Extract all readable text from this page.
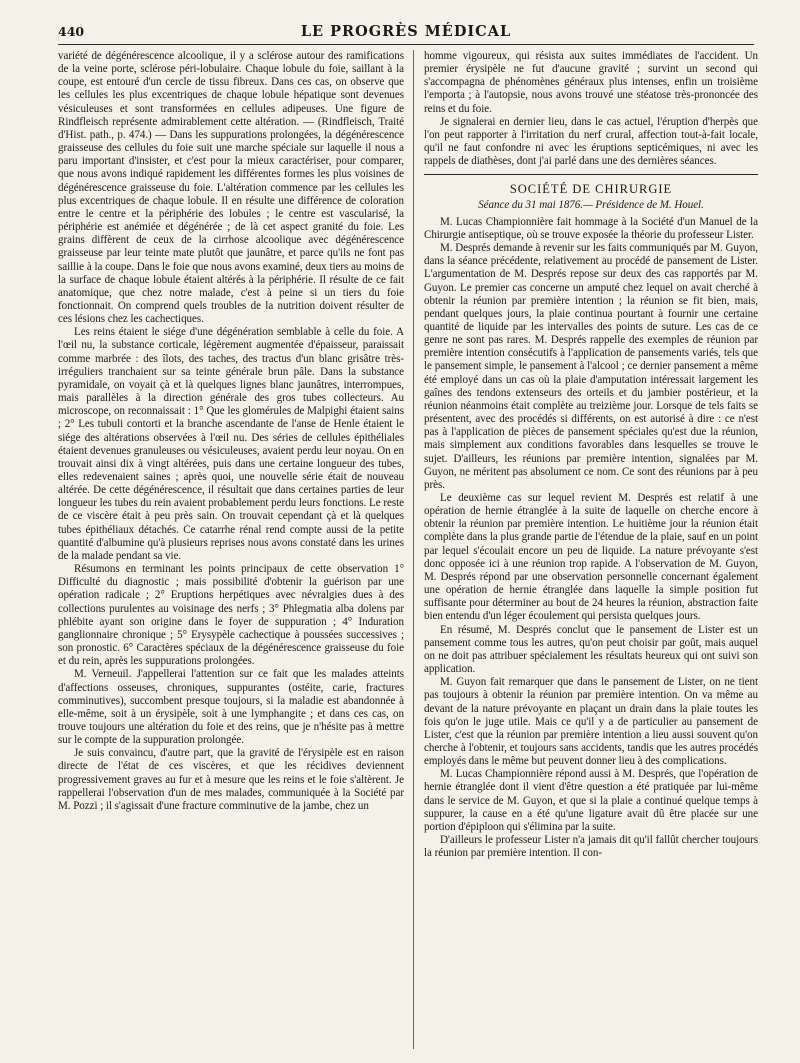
440	LE PROGRÈS MÉDICAL

variété de dégénérescence alcoolique, il y a sclérose autour des ramifications de la veine porte, sclérose péri-lobulaire. Chaque lobule du foie, saillant à la coupe, est entouré d'un cercle de tissu fibreux. Dans ces cas, on observe que les cellules les plus excentriques de chaque lobule hépatique sont devenues vésiculeuses et sont transformées en cellules adipeuses. Une figure de Rindfleisch représente admirablement cette altération. — (Rindfleisch, Traité d'Hist. path., p. 474.) — Dans les suppurations prolongées, la dégénérescence graisseuse des cellules du foie suit une marche spéciale sur laquelle il nous a paru important d'insister, et c'est pour la mieux caractériser, pour comparer, que nous avons indiqué rapidement les différentes formes les plus voisines de dégénérescence graisseuse du foie. L'altération commence par les cellules les plus excentriques de chaque lobule. Il en résulte une différence de coloration entre le centre et la périphérie des lobules ; le centre est vascularisé, la périphérie est anémiée et dégénérée ; de là cet aspect granité du foie. Les grains diffèrent de ceux de la cirrhose alcoolique avec dégénérescence graisseuse par leur teinte mate plutôt que jaunâtre, et parce qu'ils ne font pas saillie à la coupe. Dans le foie que nous avons examiné, deux tiers au moins de la surface de chaque lobule étaient altérés à la périphérie. Il résulte de ce fait anatomique, que chez notre malade, c'est à peine si un tiers du foie fonctionnait. On comprend quels troubles de la nutrition doivent résulter de ces lésions chez les cachectiques.

Les reins étaient le siége d'une dégénération semblable à celle du foie. A l'œil nu, la substance corticale, légèrement augmentée d'épaisseur, paraissait comme marbrée : des îlots, des taches, des tractus d'un blanc grisâtre très-irréguliers tranchaient sur sa teinte générale brun pâle. Dans la substance pyramidale, on voyait çà et là quelques lignes blanc jaunâtres, interrompues, mais parallèles à la direction générale des gros tubes collecteurs. Au microscope, on reconnaissait : 1° Que les glomérules de Malpighi étaient sains ; 2° Les tubuli contorti et la branche ascendante de l'anse de Henle étaient le siége des altérations observées à l'œil nu. Des séries de cellules épithéliales étaient devenues granuleuses ou vésiculeuses, avaient perdu leur noyau. On en trouvait ainsi dix à vingt altérées, puis dans une certaine longueur des tubes, elles redevenaient saines ; après quoi, une nouvelle série était de nouveau altérée. De cette dégénérescence, il résultait que dans certaines parties de leur longueur les tubes du rein avaient probablement perdu leurs fonctions. Le reste de ce viscère était à peu près sain. On trouvait cependant çà et là quelques tubes épithéliaux détachés. Ce catarrhe rénal rend compte aussi de la petite quantité d'albumine qu'à plusieurs reprises nous avons constaté dans les urines de la malade pendant sa vie.

Résumons en terminant les points principaux de cette observation 1° Difficulté du diagnostic ; mais possibilité d'obtenir la guérison par une opération radicale ; 2° Eruptions herpétiques avec névralgies dues à des collections purulentes au voisinage des nerfs ; 3° Phlegmatia alba dolens par phlébite ayant son origine dans le foyer de suppuration ; 4° Induration ganglionnaire chronique ; 5° Erysypèle cachectique à poussées successives ; son pronostic. 6° Caractères spéciaux de la dégénérescence graisseuse du foie et du rein, après les suppurations prolongées.

M. Verneuil. J'appellerai l'attention sur ce fait que les malades atteints d'affections osseuses, chroniques, suppurantes (ostéite, carie, fractures comminutives), succombent presque toujours, si la maladie est abandonnée à elle-même, soit à un érysipèle, soit à une lymphangite ; et dans ces cas, on trouve toujours une altération du foie et des reins, que je n'hésite pas à mettre sur le compte de la suppuration prolongée.

Je suis convaincu, d'autre part, que la gravité de l'érysipèle est en raison directe de l'état de ces viscères, et que les récidives deviennent progressivement graves au fur et à mesure que les reins et le foie s'altèrent. Je rappellerai l'observation d'un de mes malades, communiquée à la Société par M. Pozzi ; il s'agissait d'une fracture comminutive de la jambe, chez un

homme vigoureux, qui résista aux suites immédiates de l'accident. Un premier érysipèle ne fut d'aucune gravité ; survint un second qui s'accompagna de phénomènes généraux plus intenses, enfin un troisième l'emporta ; à l'autopsie, nous avons trouvé une stéatose très-prononcée des reins et du foie.

Je signalerai en dernier lieu, dans le cas actuel, l'éruption d'herpès que l'on peut rapporter à l'irritation du nerf crural, affection tout-à-fait locale, qu'il ne faut confondre ni avec les éruptions septicémiques, ni avec les rappels de diathèses, dont j'ai parlé dans une des dernières séances.

SOCIÉTÉ DE CHIRURGIE

Séance du 31 mai 1876.— Présidence de M. Houel.

M. Lucas Championnière fait hommage à la Société d'un Manuel de la Chirurgie antiseptique, où se trouve exposée la théorie du professeur Lister.

M. Després demande à revenir sur les faits communiqués par M. Guyon, dans la séance précédente, relativement au procédé de pansement de Lister. L'argumentation de M. Després repose sur deux des cas rapportés par M. Guyon. Le premier cas concerne un amputé chez lequel on avait cherché à obtenir la réunion par première intention ; la réunion se fit bien, mais, pendant quelques jours, la plaie continua pourtant à fournir une certaine quantité de liquide par les intervalles des points de suture. Les cas de ce genre ne sont pas rares. M. Després rappelle des exemples de réunion par première intention consécutifs à l'application de pansements variés, tels que le pansement simple, le pansement à l'alcool ; ce dernier pansement a même été employé dans un cas où la plaie d'amputation intéressait largement les gaînes des tendons extenseurs des orteils et du jambier postérieur, et la réunion néanmoins était complète au treizième jour. Lorsque de tels faits se présentent, avec des procédés si différents, on est autorisé à dire : ce n'est pas à l'application de pièces de pansement spéciales qu'est due la réunion, mais simplement aux conditions favorables dans lesquelles se trouve le sujet. D'ailleurs, les réunions par première intention, signalées par M. Guyon, ne méritent pas absolument ce nom. Ce sont des réunions par à peu près.

Le deuxième cas sur lequel revient M. Després est relatif à une opération de hernie étranglée à la suite de laquelle on cherche encore à obtenir la réunion par première intention. Le huitième jour la réunion était complète dans la plus grande partie de l'étendue de la plaie, sauf en un point par lequel s'écoulait encore un peu de liquide. La nature prévoyante s'est donc opposée ici à une réunion trop rapide. A l'observation de M. Guyon, M. Després répond par une observation personnelle concernant également une opération de hernie étranglée dans laquelle la simple position fut suffisante pour déterminer au bout de 24 heures la réunion, abstraction faite bien entendu d'un léger écoulement qui persista quelques jours.

En résumé, M. Després conclut que le pansement de Lister est un pansement comme tous les autres, qu'on peut choisir par goût, mais auquel on ne doit pas attribuer spécialement les résultats heureux qui ont suivi son application.

M. Guyon fait remarquer que dans le pansement de Lister, on ne tient pas toujours à obtenir la réunion par première intention. On va même au devant de la nature prévoyante en plaçant un drain dans la plaie toutes les fois qu'on le juge utile. Mais ce qu'il y a de particulier au pansement de Lister, c'est que la réunion par première intention a lieu aussi souvent qu'on cherche à l'obtenir, et toujours sans accidents, tandis que les autres procédés employés dans le même but peuvent donner lieu à des complications.

M. Lucas Championnière répond aussi à M. Després, que l'opération de hernie étranglée dont il vient d'être question a été pratiquée par lui-même dans le service de M. Guyon, et que si la plaie a continué quelque temps à suppurer, la cause en a été qu'une ligature avait dû être placée sur une portion d'épiploon qui s'élimina par la suite.

D'ailleurs le professeur Lister n'a jamais dit qu'il fallût chercher toujours la réunion par première intention. Il con-
